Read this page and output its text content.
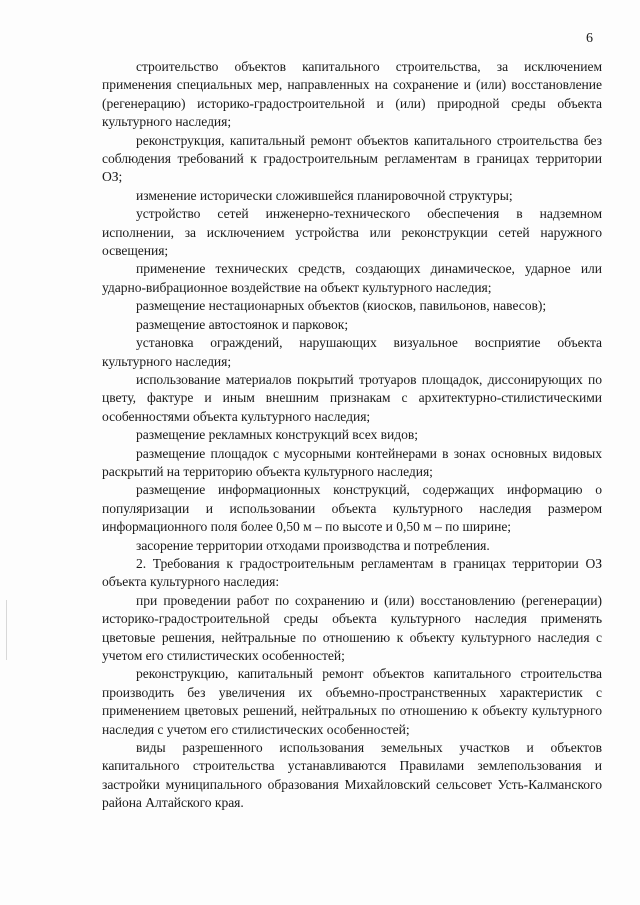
6

строительство объектов капитального строительства, за исключением применения специальных мер, направленных на сохранение и (или) восстановление (регенерацию) историко-градостроительной и (или) природной среды объекта культурного наследия;

реконструкция, капитальный ремонт объектов капитального строительства без соблюдения требований к градостроительным регламентам в границах территории ОЗ;

изменение исторически сложившейся планировочной структуры;

устройство сетей инженерно-технического обеспечения в надземном исполнении, за исключением устройства или реконструкции сетей наружного освещения;

применение технических средств, создающих динамическое, ударное или ударно-вибрационное воздействие на объект культурного наследия;

размещение нестационарных объектов (киосков, павильонов, навесов);

размещение автостоянок и парковок;

установка ограждений, нарушающих визуальное восприятие объекта культурного наследия;

использование материалов покрытий тротуаров площадок, диссонирующих по цвету, фактуре и иным внешним признакам с архитектурно-стилистическими особенностями объекта культурного наследия;

размещение рекламных конструкций всех видов;

размещение площадок с мусорными контейнерами в зонах основных видовых раскрытий на территорию объекта культурного наследия;

размещение информационных конструкций, содержащих информацию о популяризации и использовании объекта культурного наследия размером информационного поля более 0,50 м – по высоте и 0,50 м – по ширине;

засорение территории отходами производства и потребления.

2. Требования к градостроительным регламентам в границах территории ОЗ объекта культурного наследия:

при проведении работ по сохранению и (или) восстановлению (регенерации) историко-градостроительной среды объекта культурного наследия применять цветовые решения, нейтральные по отношению к объекту культурного наследия с учетом его стилистических особенностей;

реконструкцию, капитальный ремонт объектов капитального строительства производить без увеличения их объемно-пространственных характеристик с применением цветовых решений, нейтральных по отношению к объекту культурного наследия с учетом его стилистических особенностей;

виды разрешенного использования земельных участков и объектов капитального строительства устанавливаются Правилами землепользования и застройки муниципального образования Михайловский сельсовет Усть-Калманского района Алтайского края.
